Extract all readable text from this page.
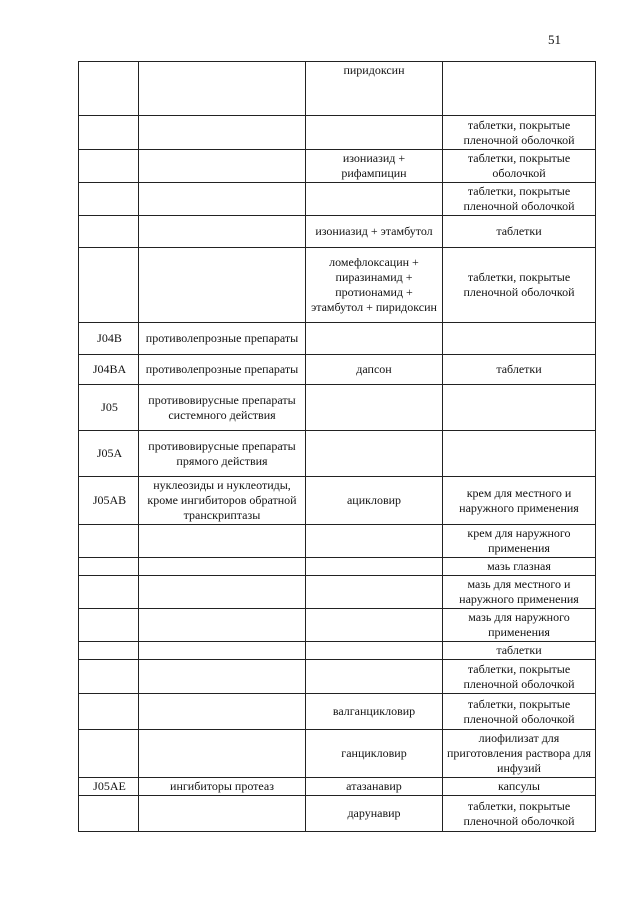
51
		пиридоксин	
			таблетки, покрытые пленочной оболочкой
		изониазид + рифампицин	таблетки, покрытые оболочкой
			таблетки, покрытые пленочной оболочкой
		изониазид + этамбутол	таблетки
		ломефлоксацин + пиразинамид + протионамид + этамбутол + пиридоксин	таблетки, покрытые пленочной оболочкой
J04B	противолепрозные препараты		
J04BA	противолепрозные препараты	дапсон	таблетки
J05	противовирусные препараты системного действия		
J05A	противовирусные препараты прямого действия		
J05AB	нуклеозиды и нуклеотиды, кроме ингибиторов обратной транскриптазы	ацикловир	крем для местного и наружного применения
			крем для наружного применения
			мазь глазная
			мазь для местного и наружного применения
			мазь для наружного применения
			таблетки
			таблетки, покрытые пленочной оболочкой
		валганцикловир	таблетки, покрытые пленочной оболочкой
		ганцикловир	лиофилизат для приготовления раствора для инфузий
J05AE	ингибиторы протеаз	атазанавир	капсулы
		дарунавир	таблетки, покрытые пленочной оболочкой
